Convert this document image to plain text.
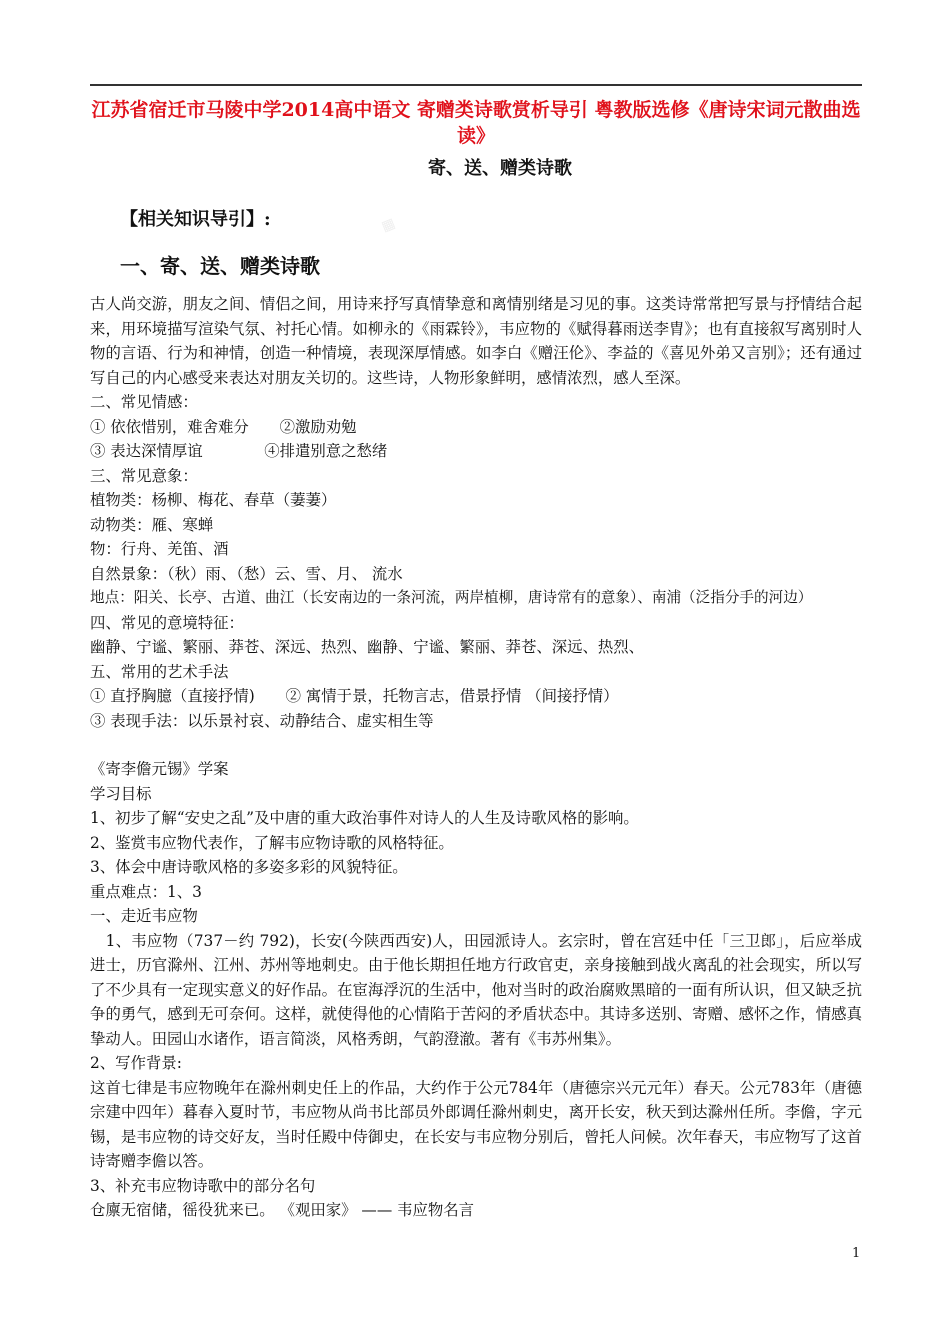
▦
江苏省宿迁市马陵中学2014高中语文 寄赠类诗歌赏析导引 粤教版选修《唐诗宋词元散曲选读》
寄、送、赠类诗歌
【相关知识导引】:
一、寄、送、赠类诗歌

古人尚交游，朋友之间、情侣之间，用诗来抒写真情挚意和离情别绪是习见的事。这类诗常常把写景与抒情结合起来，用环境描写渲染气氛、衬托心情。如柳永的《雨霖铃》，韦应物的《赋得暮雨送李胄》；也有直接叙写离别时人物的言语、行为和神情，创造一种情境，表现深厚情感。如李白《赠汪伦》、李益的《喜见外弟又言别》；还有通过写自己的内心感受来表达对朋友关切的。这些诗，人物形象鲜明，感情浓烈，感人至深。

二、常见情感：

① 依依惜别，难舍难分　　②激励劝勉

③ 表达深情厚谊　　　　④排遣别意之愁绪

三、常见意象：

植物类：杨柳、梅花、春草（萋萋）

动物类：雁、寒蝉

物：行舟、羌笛、酒

自然景象：（秋）雨、（愁）云、雪、月、 流水

地点：阳关、长亭、古道、曲江（长安南边的一条河流，两岸植柳，唐诗常有的意象）、南浦（泛指分手的河边）

四、常见的意境特征：

幽静、宁谧、繁丽、莽苍、深远、热烈、幽静、宁谧、繁丽、莽苍、深远、热烈、

五、常用的艺术手法

① 直抒胸臆（直接抒情)　　② 寓情于景，托物言志，借景抒情 （间接抒情）

③ 表现手法：以乐景衬哀、动静结合、虚实相生等

《寄李儋元锡》学案

学习目标

1、初步了解“安史之乱”及中唐的重大政治事件对诗人的人生及诗歌风格的影响。

2、鉴赏韦应物代表作，了解韦应物诗歌的风格特征。

3、体会中唐诗歌风格的多姿多彩的风貌特征。

重点难点：1、3

一、走近韦应物

　1、韦应物（737－约 792)，长安(今陕西西安)人，田园派诗人。玄宗时，曾在宫廷中任「三卫郎」，后应举成进士，历官滁州、江州、苏州等地刺史。由于他长期担任地方行政官吏，亲身接触到战火离乱的社会现实，所以写了不少具有一定现实意义的好作品。在宦海浮沉的生活中，他对当时的政治腐败黑暗的一面有所认识，但又缺乏抗争的勇气，感到无可奈何。这样，就使得他的心情陷于苦闷的矛盾状态中。其诗多送别、寄赠、感怀之作，情感真挚动人。田园山水诸作，语言简淡，风格秀朗，气韵澄澈。著有《韦苏州集》。

2、写作背景:

这首七律是韦应物晚年在滁州刺史任上的作品，大约作于公元784年（唐德宗兴元元年）春天。公元783年（唐德宗建中四年）暮春入夏时节，韦应物从尚书比部员外郎调任滁州刺史，离开长安，秋天到达滁州任所。李儋，字元锡，是韦应物的诗交好友，当时任殿中侍御史，在长安与韦应物分别后，曾托人问候。次年春天，韦应物写了这首诗寄赠李儋以答。

3、补充韦应物诗歌中的部分名句

仓廪无宿储，徭役犹来已。 《观田家》 —— 韦应物名言

1
